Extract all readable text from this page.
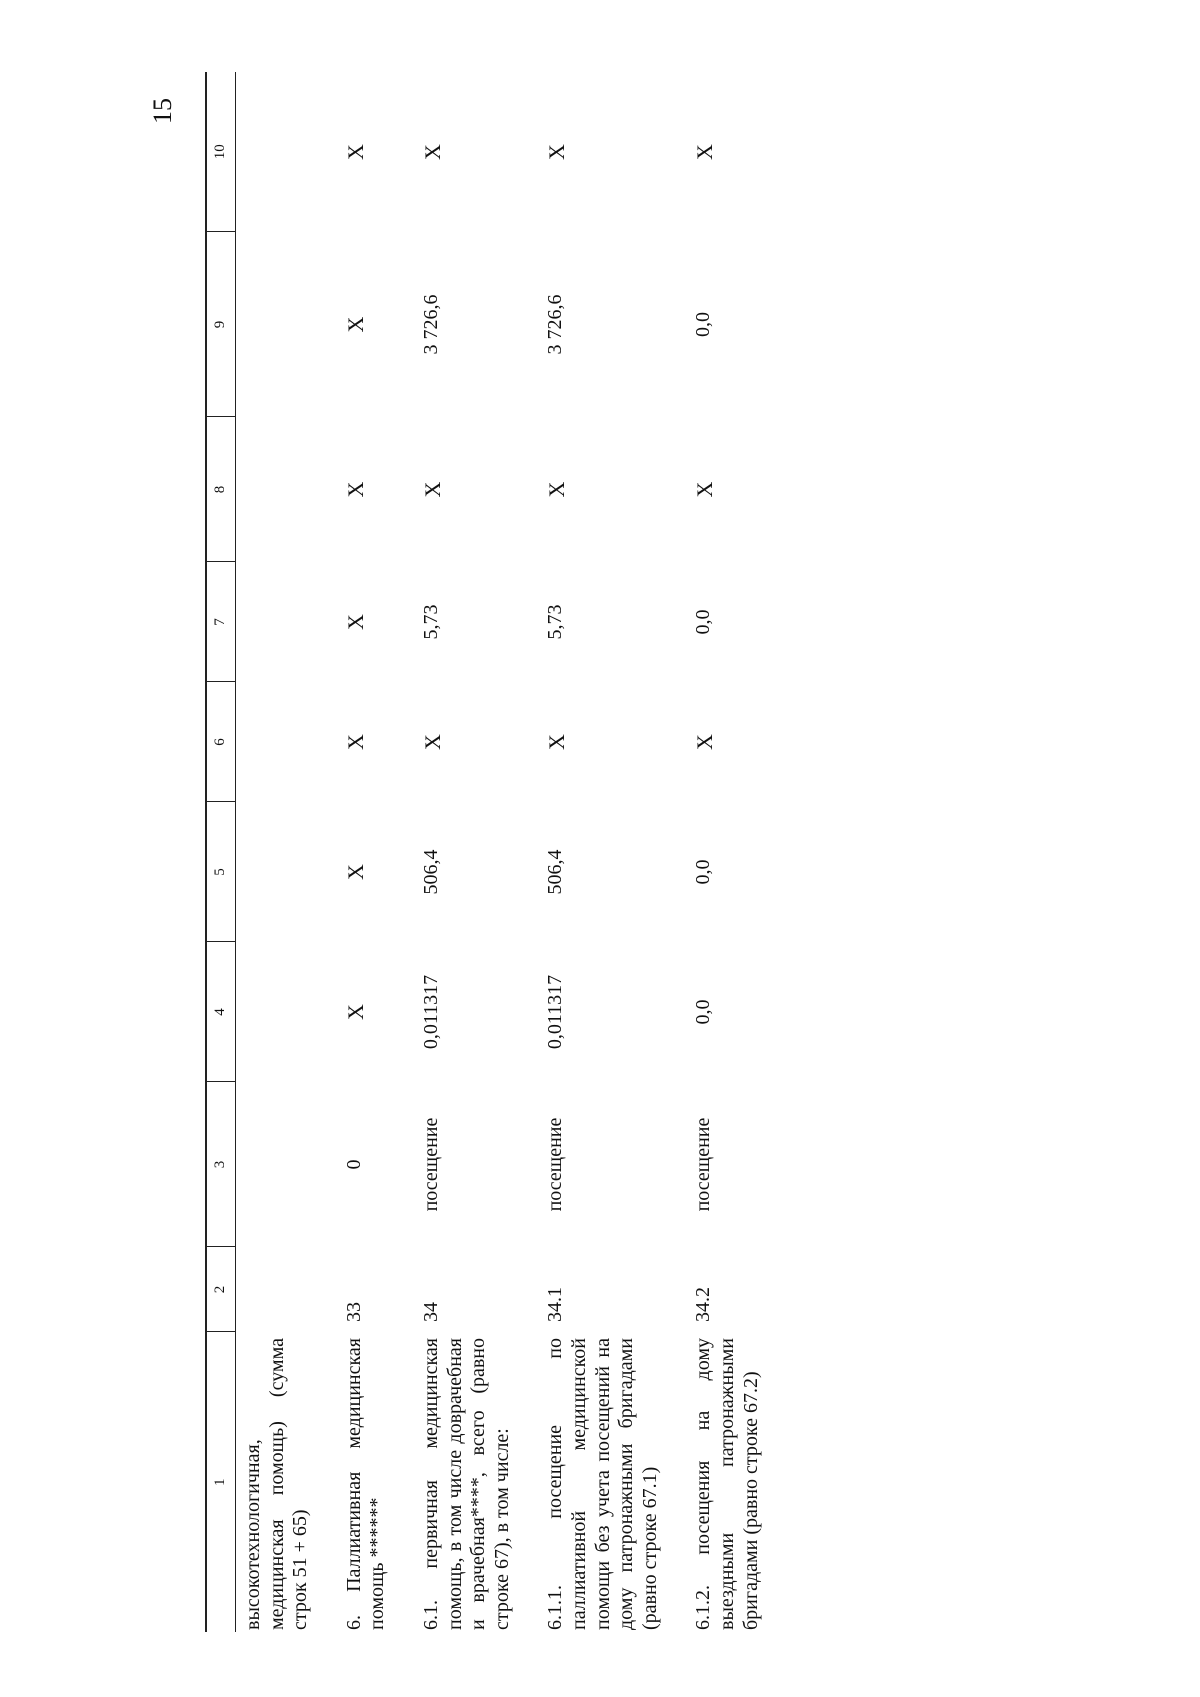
15
1	2	3	4	5	6	7	8	9	10
высокотехнологичная, медицинская помощь) (сумма строк 51 + 65)									
6. Паллиативная медицинская помощь ******	33	0	X	X	X	X	X	X	X
6.1. первичная медицинская помощь, в том числе доврачебная и врачебная****, всего (равно строке 67), в том числе:	34	посещение	0,011317	506,4	X	5,73	X	3 726,6	X
6.1.1. посещение по паллиативной медицинской помощи без учета посещений на дому патронажными бригадами (равно строке 67.1)	34.1	посещение	0,011317	506,4	X	5,73	X	3 726,6	X
6.1.2. посещения на дому выездными патронажными бригадами (равно строке 67.2)	34.2	посещение	0,0	0,0	X	0,0	X	0,0	X
